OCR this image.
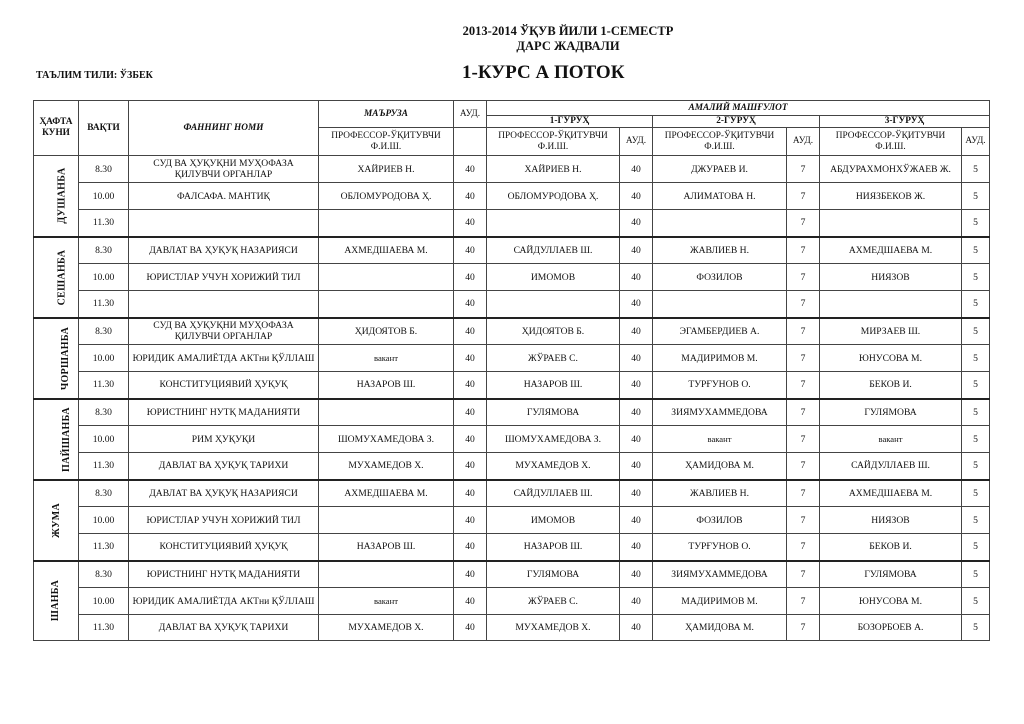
2013-2014 ЎҚУВ ЙИЛИ 1-СЕМЕСТР
ДАРС ЖАДВАЛИ
ТАЪЛИМ ТИЛИ: ЎЗБЕК	1-КУРС А ПОТОК
ҲАФТА КУНИ	ВАҚТИ	ФАННИНГ НОМИ	МАЪРУЗА	АУД.	АМАЛИЙ МАШҒУЛОТ					
					1-ГУРУҲ		2-ГУРУҲ		3-ГУРУҲ	
			ПРОФЕССОР-ЎҚИТУВЧИ Ф.И.Ш.		ПРОФЕССОР-ЎҚИТУВЧИ Ф.И.Ш.	АУД.	ПРОФЕССОР-ЎҚИТУВЧИ Ф.И.Ш.	АУД.	ПРОФЕССОР-ЎҚИТУВЧИ Ф.И.Ш.	АУД.
ДУШАНБА	8.30	СУД ВА ҲУҚУҚНИ МУҲОФАЗА ҚИЛУВЧИ ОРГАНЛАР	ХАЙРИЕВ Н.	40	ХАЙРИЕВ Н.	40	ДЖУРАЕВ И.	7	АБДУРАХМОНХЎЖАЕВ Ж.	5
	10.00	ФАЛСАФА. МАНТИҚ	ОБЛОМУРОДОВА Ҳ.	40	ОБЛОМУРОДОВА Ҳ.	40	АЛИМАТОВА Н.	7	НИЯЗБЕКОВ Ж.	5
	11.30			40		40		7		5
СЕШАНБА	8.30	ДАВЛАТ ВА ҲУҚУҚ НАЗАРИЯСИ	АХМЕДШАЕВА М.	40	САЙДУЛЛАЕВ Ш.	40	ЖАВЛИЕВ Н.	7	АХМЕДШАЕВА М.	5
	10.00	ЮРИСТЛАР УЧУН ХОРИЖИЙ ТИЛ		40	ИМОМОВ	40	ФОЗИЛОВ	7	НИЯЗОВ	5
	11.30			40		40		7		5
ЧОРШАНБА	8.30	СУД ВА ҲУҚУҚНИ МУҲОФАЗА ҚИЛУВЧИ ОРГАНЛАР	ҲИДОЯТОВ Б.	40	ҲИДОЯТОВ Б.	40	ЭГАМБЕРДИЕВ А.	7	МИРЗАЕВ Ш.	5
	10.00	ЮРИДИК АМАЛИЁТДА АКТни ҚЎЛЛАШ	вакант	40	ЖЎРАЕВ С.	40	МАДИРИМОВ М.	7	ЮНУСОВА М.	5
	11.30	КОНСТИТУЦИЯВИЙ ҲУҚУҚ	НАЗАРОВ Ш.	40	НАЗАРОВ Ш.	40	ТУРҒУНОВ О.	7	БЕКОВ И.	5
ПАЙШАНБА	8.30	ЮРИСТНИНГ НУТҚ МАДАНИЯТИ		40	ГУЛЯМОВА	40	ЗИЯМУХАММЕДОВА	7	ГУЛЯМОВА	5
	10.00	РИМ ҲУҚУҚИ	ШОМУХАМЕДОВА З.	40	ШОМУХАМЕДОВА З.	40	вакант	7	вакант	5
	11.30	ДАВЛАТ ВА ҲУҚУҚ ТАРИХИ	МУХАМЕДОВ Х.	40	МУХАМЕДОВ Х.	40	ҲАМИДОВА М.	7	САЙДУЛЛАЕВ Ш.	5
ЖУМА	8.30	ДАВЛАТ ВА ҲУҚУҚ НАЗАРИЯСИ	АХМЕДШАЕВА М.	40	САЙДУЛЛАЕВ Ш.	40	ЖАВЛИЕВ Н.	7	АХМЕДШАЕВА М.	5
	10.00	ЮРИСТЛАР УЧУН ХОРИЖИЙ ТИЛ		40	ИМОМОВ	40	ФОЗИЛОВ	7	НИЯЗОВ	5
	11.30	КОНСТИТУЦИЯВИЙ ҲУҚУҚ	НАЗАРОВ Ш.	40	НАЗАРОВ Ш.	40	ТУРҒУНОВ О.	7	БЕКОВ И.	5
ШАНБА	8.30	ЮРИСТНИНГ НУТҚ МАДАНИЯТИ		40	ГУЛЯМОВА	40	ЗИЯМУХАММЕДОВА	7	ГУЛЯМОВА	5
	10.00	ЮРИДИК АМАЛИЁТДА АКТни ҚЎЛЛАШ	вакант	40	ЖЎРАЕВ С.	40	МАДИРИМОВ М.	7	ЮНУСОВА М.	5
	11.30	ДАВЛАТ ВА ҲУҚУҚ ТАРИХИ	МУХАМЕДОВ Х.	40	МУХАМЕДОВ Х.	40	ҲАМИДОВА М.	7	БОЗОРБОЕВ А.	5
